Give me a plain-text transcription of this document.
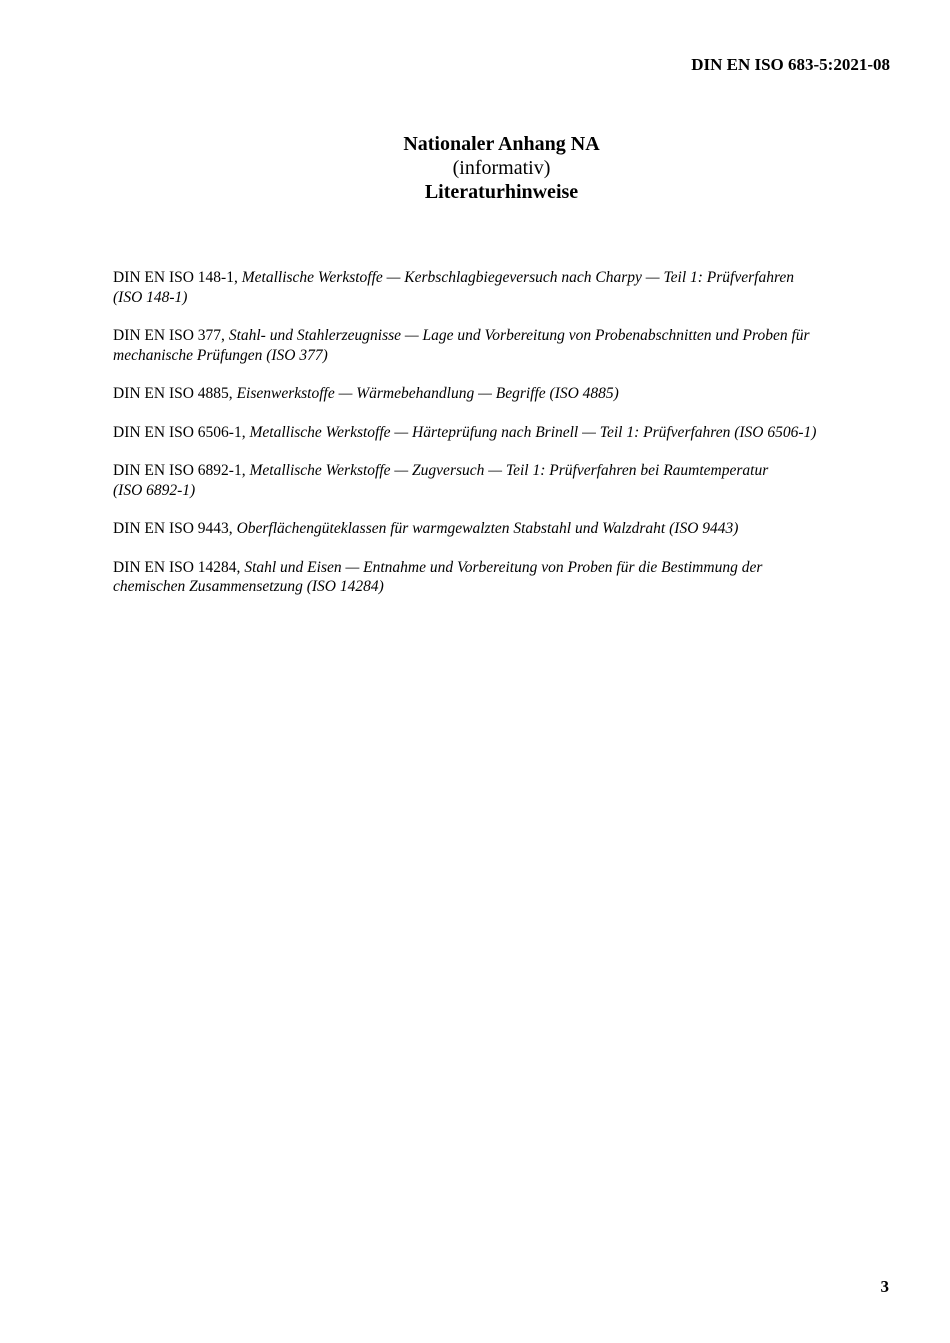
DIN EN ISO 683-5:2021-08
Nationaler Anhang NA
(informativ)
Literaturhinweise

DIN EN ISO 148-1, Metallische Werkstoffe — Kerbschlagbiegeversuch nach Charpy — Teil 1: Prüfverfahren
(ISO 148-1)

DIN EN ISO 377, Stahl- und Stahlerzeugnisse — Lage und Vorbereitung von Probenabschnitten und Proben für
mechanische Prüfungen (ISO 377)

DIN EN ISO 4885, Eisenwerkstoffe — Wärmebehandlung — Begriffe (ISO 4885)

DIN EN ISO 6506-1, Metallische Werkstoffe — Härteprüfung nach Brinell — Teil 1: Prüfverfahren (ISO 6506-1)

DIN EN ISO 6892-1, Metallische Werkstoffe — Zugversuch — Teil 1: Prüfverfahren bei Raumtemperatur
(ISO 6892-1)

DIN EN ISO 9443, Oberflächengüteklassen für warmgewalzten Stabstahl und Walzdraht (ISO 9443)

DIN EN ISO 14284, Stahl und Eisen — Entnahme und Vorbereitung von Proben für die Bestimmung der
chemischen Zusammensetzung (ISO 14284)

3
